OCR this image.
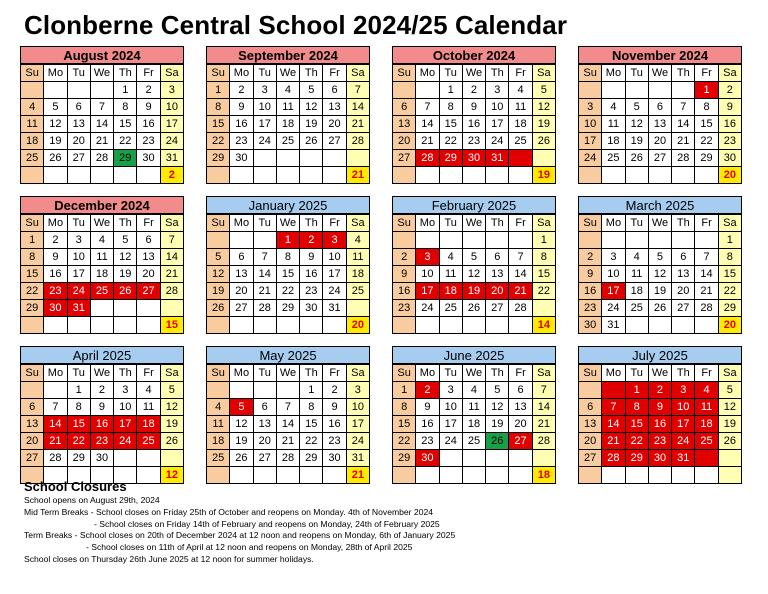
Clonberne Central School 2024/25 Calendar
August 2024
Su	Mo	Tu	We	Th	Fr	Sa
				1	2	3
4	5	6	7	8	9	10
11	12	13	14	15	16	17
18	19	20	21	22	23	24
25	26	27	28	29	30	31
						2
September 2024
Su	Mo	Tu	We	Th	Fr	Sa
1	2	3	4	5	6	7
8	9	10	11	12	13	14
15	16	17	18	19	20	21
22	23	24	25	26	27	28
29	30					
						21
October 2024
Su	Mo	Tu	We	Th	Fr	Sa
		1	2	3	4	5
6	7	8	9	10	11	12
13	14	15	16	17	18	19
20	21	22	23	24	25	26
27	28	29	30	31		
						19
November 2024
Su	Mo	Tu	We	Th	Fr	Sa
					1	2
3	4	5	6	7	8	9
10	11	12	13	14	15	16
17	18	19	20	21	22	23
24	25	26	27	28	29	30
						20
December 2024
Su	Mo	Tu	We	Th	Fr	Sa
1	2	3	4	5	6	7
8	9	10	11	12	13	14
15	16	17	18	19	20	21
22	23	24	25	26	27	28
29	30	31				
						15
January 2025
Su	Mo	Tu	We	Th	Fr	Sa
			1	2	3	4
5	6	7	8	9	10	11
12	13	14	15	16	17	18
19	20	21	22	23	24	25
26	27	28	29	30	31	
						20
February 2025
Su	Mo	Tu	We	Th	Fr	Sa
						1
2	3	4	5	6	7	8
9	10	11	12	13	14	15
16	17	18	19	20	21	22
23	24	25	26	27	28	
						14
March 2025
Su	Mo	Tu	We	Th	Fr	Sa
						1
2	3	4	5	6	7	8
9	10	11	12	13	14	15
16	17	18	19	20	21	22
23	24	25	26	27	28	29
30	31					20
April 2025
Su	Mo	Tu	We	Th	Fr	Sa
		1	2	3	4	5
6	7	8	9	10	11	12
13	14	15	16	17	18	19
20	21	22	23	24	25	26
27	28	29	30			
						12
May 2025
Su	Mo	Tu	We	Th	Fr	Sa
				1	2	3
4	5	6	7	8	9	10
11	12	13	14	15	16	17
18	19	20	21	22	23	24
25	26	27	28	29	30	31
						21
June 2025
Su	Mo	Tu	We	Th	Fr	Sa
1	2	3	4	5	6	7
8	9	10	11	12	13	14
15	16	17	18	19	20	21
22	23	24	25	26	27	28
29	30					
						18
July 2025
Su	Mo	Tu	We	Th	Fr	Sa
		1	2	3	4	5
6	7	8	9	10	11	12
13	14	15	16	17	18	19
20	21	22	23	24	25	26
27	28	29	30	31		

School Closures
School opens on August 29th, 2024
Mid Term Breaks - School closes on Friday 25th of October and reopens on Monday. 4th of November 2024
- School closes on Friday 14th of February and reopens on Monday, 24th of February 2025
Term Breaks - School closes on 20th of December 2024 at 12 noon and reopens on Monday, 6th of January 2025
- School closes on 11th of April at 12 noon and reopens on Monday, 28th of April 2025
School closes on Thursday 26th June 2025 at 12 noon for summer holidays.
